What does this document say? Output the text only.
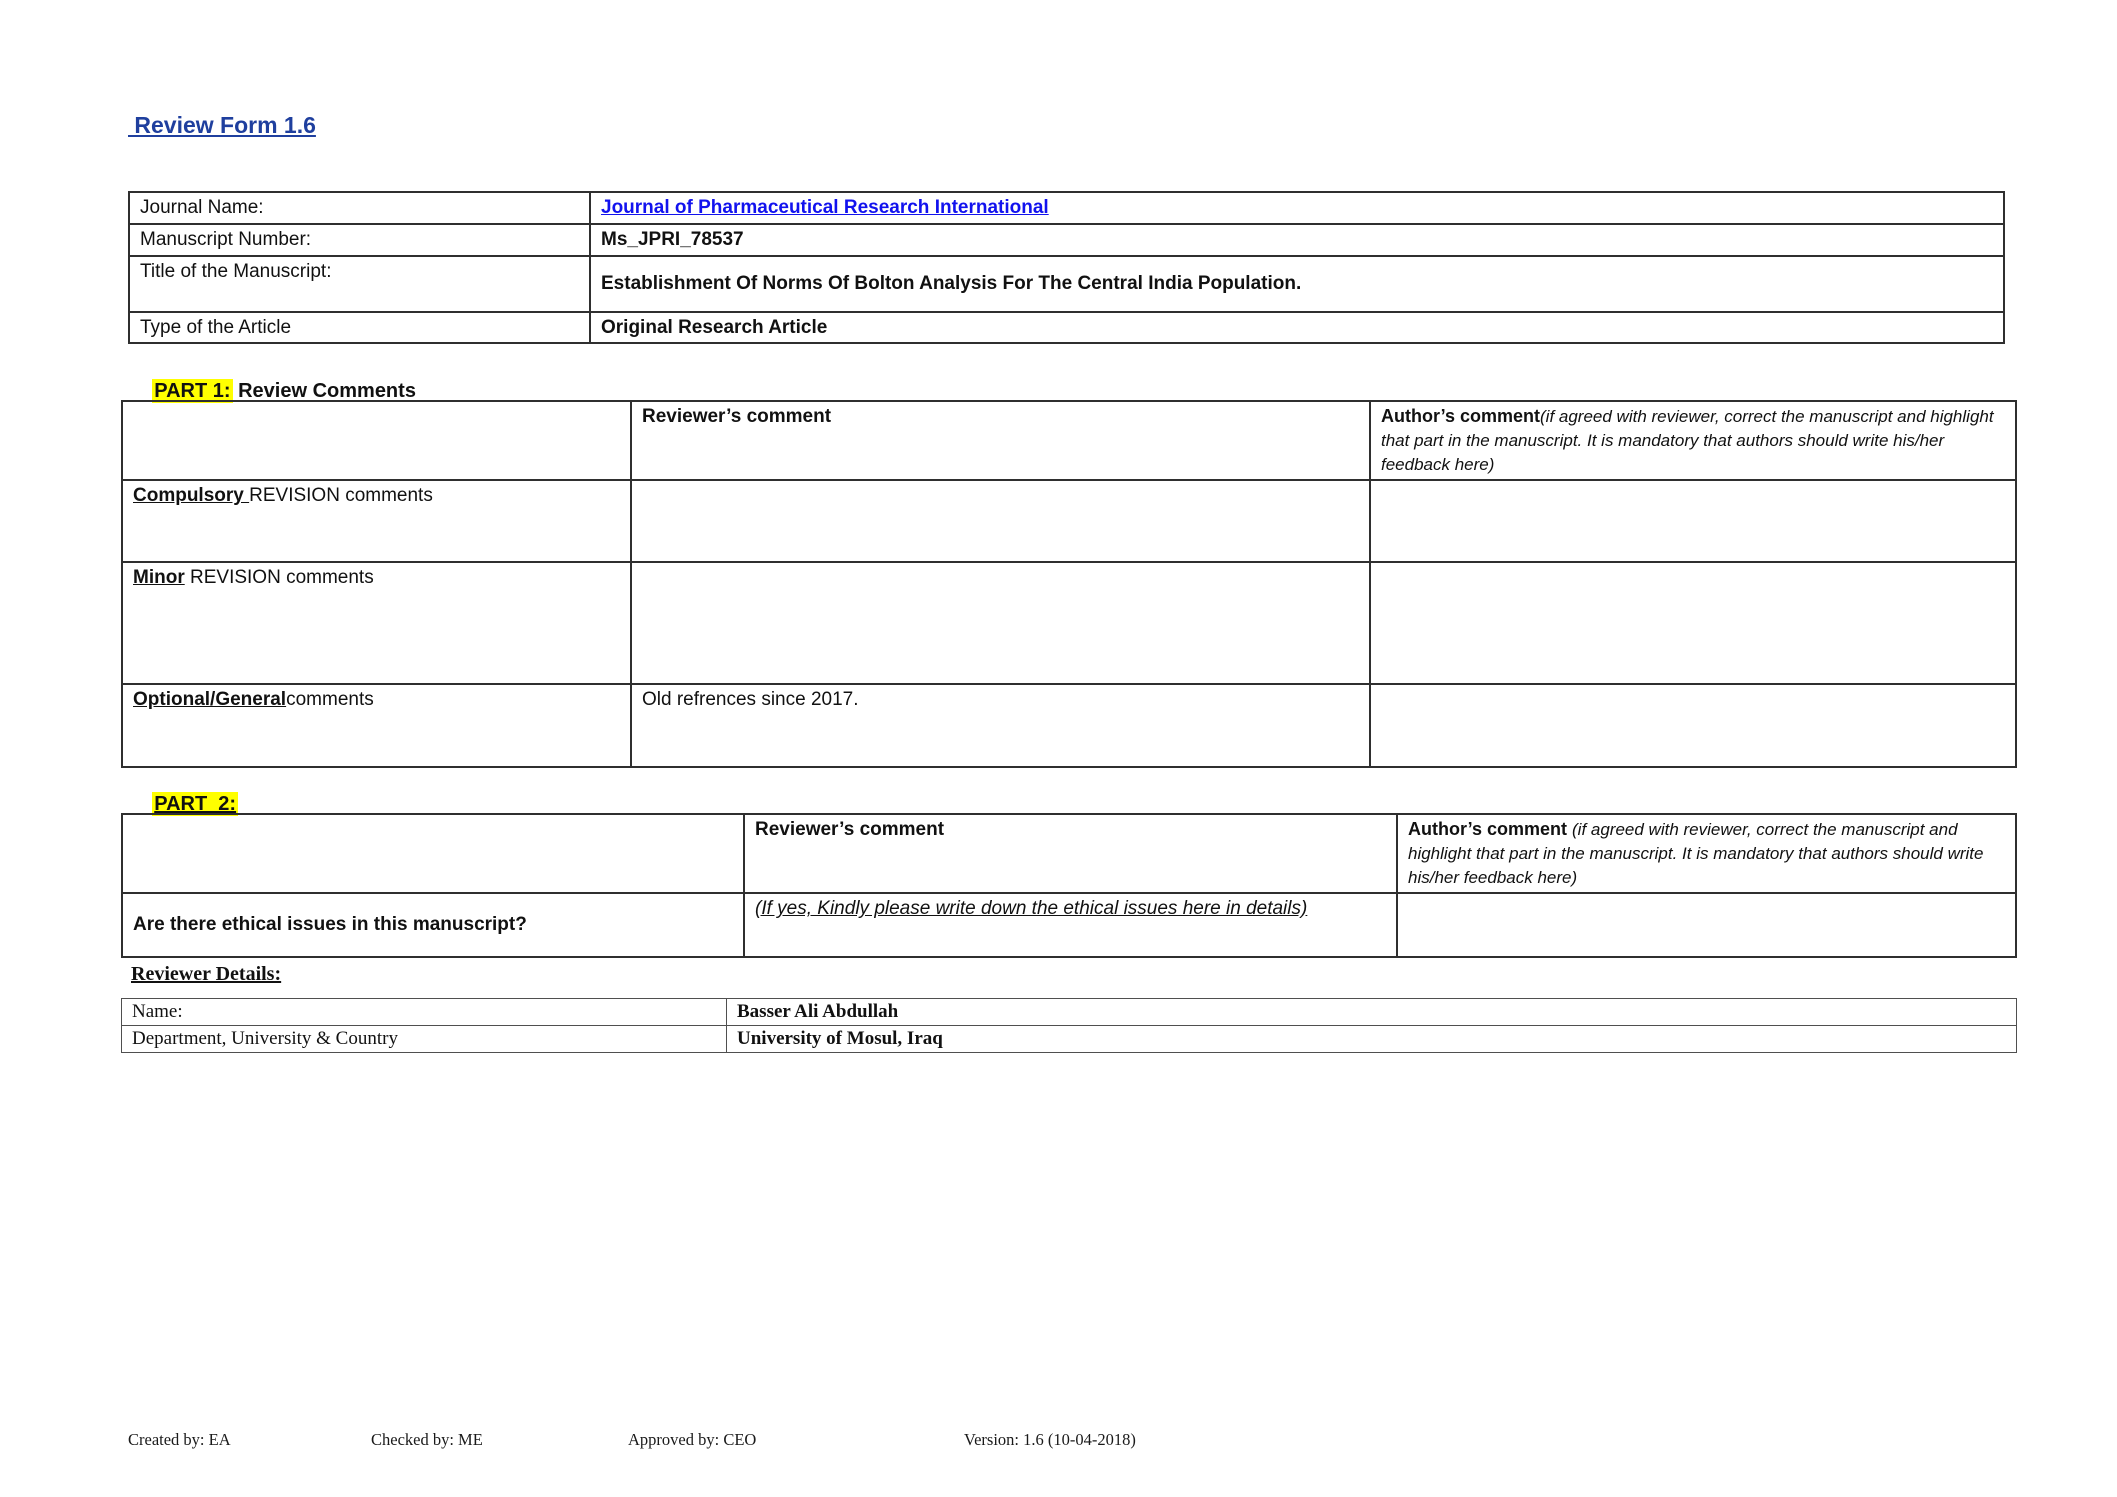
Review Form 1.6
Journal Name:	Journal of Pharmaceutical Research International
Manuscript Number:	Ms_JPRI_78537
Title of the Manuscript:	Establishment Of Norms Of Bolton Analysis For The Central India Population.
Type of the Article	Original Research Article

PART 1: Review Comments

	Reviewer’s comment	Author’s comment(if agreed with reviewer, correct the manuscript and highlight that part in the manuscript. It is mandatory that authors should write his/her feedback here)
Compulsory REVISION comments		
Minor REVISION comments		
Optional/Generalcomments	Old refrences since 2017.	

PART  2:

	Reviewer’s comment	Author’s comment (if agreed with reviewer, correct the manuscript and highlight that part in the manuscript. It is mandatory that authors should write his/her feedback here)
Are there ethical issues in this manuscript?	(If yes, Kindly please write down the ethical issues here in details)	
Reviewer Details:
Name:	Basser Ali Abdullah
Department, University & Country	University of Mosul, Iraq
Created by: EA	Checked by: ME	Approved by: CEO	Version: 1.6 (10-04-2018)
